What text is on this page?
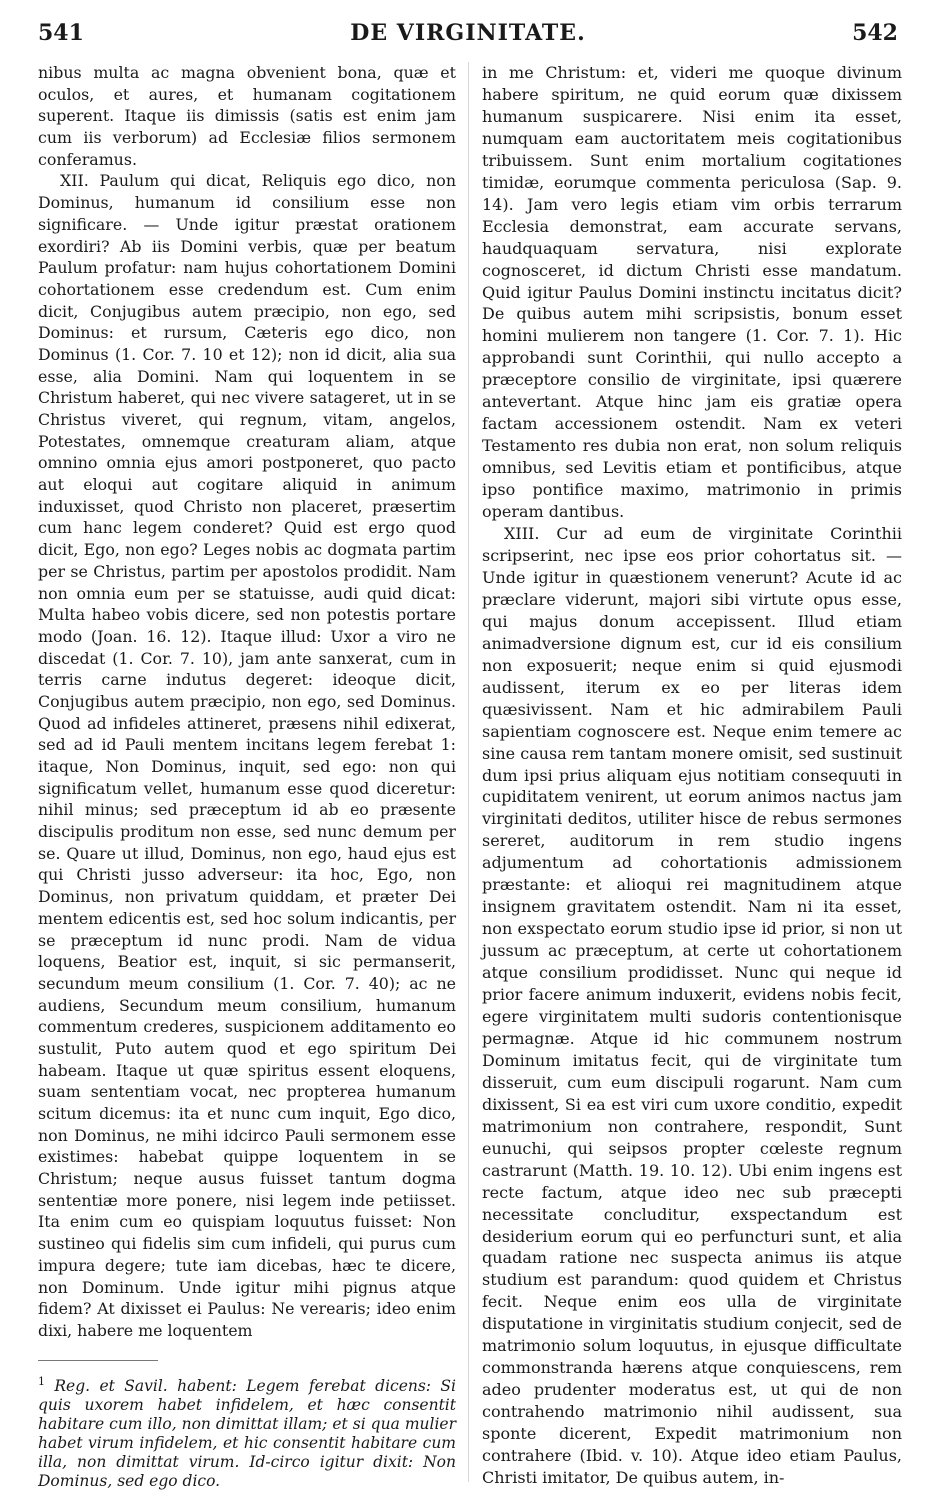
541	DE VIRGINITATE.	542

nibus multa ac magna obvenient bona, quæ et oculos, et aures, et humanam cogitationem superent. Itaque iis dimissis (satis est enim jam cum iis verborum) ad Ecclesiæ filios sermonem conferamus.

XII. Paulum qui dicat, Reliquis ego dico, non Dominus, humanum id consilium esse non significare. — Unde igitur præstat orationem exordiri? Ab iis Domini verbis, quæ per beatum Paulum profatur: nam hujus cohortationem Domini cohortationem esse credendum est. Cum enim dicit, Conjugibus autem præcipio, non ego, sed Dominus: et rursum, Cæteris ego dico, non Dominus (1. Cor. 7. 10 et 12); non id dicit, alia sua esse, alia Domini. Nam qui loquentem in se Christum haberet, qui nec vivere satageret, ut in se Christus viveret, qui regnum, vitam, angelos, Potestates, omnemque creaturam aliam, atque omnino omnia ejus amori postponeret, quo pacto aut eloqui aut cogitare aliquid in animum induxisset, quod Christo non placeret, præsertim cum hanc legem conderet? Quid est ergo quod dicit, Ego, non ego? Leges nobis ac dogmata partim per se Christus, partim per apostolos prodidit. Nam non omnia eum per se statuisse, audi quid dicat: Multa habeo vobis dicere, sed non potestis portare modo (Joan. 16. 12). Itaque illud: Uxor a viro ne discedat (1. Cor. 7. 10), jam ante sanxerat, cum in terris carne indutus degeret: ideoque dicit, Conjugibus autem præcipio, non ego, sed Dominus. Quod ad infideles attineret, præsens nihil edixerat, sed ad id Pauli mentem incitans legem ferebat 1: itaque, Non Dominus, inquit, sed ego: non qui significatum vellet, humanum esse quod diceretur: nihil minus; sed præceptum id ab eo præsente discipulis proditum non esse, sed nunc demum per se. Quare ut illud, Dominus, non ego, haud ejus est qui Christi jusso adverseur: ita hoc, Ego, non Dominus, non privatum quiddam, et præter Dei mentem edicentis est, sed hoc solum indicantis, per se præceptum id nunc prodi. Nam de vidua loquens, Beatior est, inquit, si sic permanserit, secundum meum consilium (1. Cor. 7. 40); ac ne audiens, Secundum meum consilium, humanum commentum crederes, suspicionem additamento eo sustulit, Puto autem quod et ego spiritum Dei habeam. Itaque ut quæ spiritus essent eloquens, suam sententiam vocat, nec propterea humanum scitum dicemus: ita et nunc cum inquit, Ego dico, non Dominus, ne mihi idcirco Pauli sermonem esse existimes: habebat quippe loquentem in se Christum; neque ausus fuisset tantum dogma sententiæ more ponere, nisi legem inde petiisset. Ita enim cum eo quispiam loquutus fuisset: Non sustineo qui fidelis sim cum infideli, qui purus cum impura degere; tute iam dicebas, hæc te dicere, non Dominum. Unde igitur mihi pignus atque fidem? At dixisset ei Paulus: Ne verearis; ideo enim dixi, habere me loquentem

in me Christum: et, videri me quoque divinum habere spiritum, ne quid eorum quæ dixissem humanum suspicarere. Nisi enim ita esset, numquam eam auctoritatem meis cogitationibus tribuissem. Sunt enim mortalium cogitationes timidæ, eorumque commenta periculosa (Sap. 9. 14). Jam vero legis etiam vim orbis terrarum Ecclesia demonstrat, eam accurate servans, haudquaquam servatura, nisi explorate cognosceret, id dictum Christi esse mandatum. Quid igitur Paulus Domini instinctu incitatus dicit? De quibus autem mihi scripsistis, bonum esset homini mulierem non tangere (1. Cor. 7. 1). Hic approbandi sunt Corinthii, qui nullo accepto a præceptore consilio de virginitate, ipsi quærere antevertant. Atque hinc jam eis gratiæ opera factam accessionem ostendit. Nam ex veteri Testamento res dubia non erat, non solum reliquis omnibus, sed Levitis etiam et pontificibus, atque ipso pontifice maximo, matrimonio in primis operam dantibus.

XIII. Cur ad eum de virginitate Corinthii scripserint, nec ipse eos prior cohortatus sit. — Unde igitur in quæstionem venerunt? Acute id ac præclare viderunt, majori sibi virtute opus esse, qui majus donum accepissent. Illud etiam animadversione dignum est, cur id eis consilium non exposuerit; neque enim si quid ejusmodi audissent, iterum ex eo per literas idem quæsivissent. Nam et hic admirabilem Pauli sapientiam cognoscere est. Neque enim temere ac sine causa rem tantam monere omisit, sed sustinuit dum ipsi prius aliquam ejus notitiam consequuti in cupiditatem venirent, ut eorum animos nactus jam virginitati deditos, utiliter hisce de rebus sermones sereret, auditorum in rem studio ingens adjumentum ad cohortationis admissionem præstante: et alioqui rei magnitudinem atque insignem gravitatem ostendit. Nam ni ita esset, non exspectato eorum studio ipse id prior, si non ut jussum ac præceptum, at certe ut cohortationem atque consilium prodidisset. Nunc qui neque id prior facere animum induxerit, evidens nobis fecit, egere virginitatem multi sudoris contentionisque permagnæ. Atque id hic communem nostrum Dominum imitatus fecit, qui de virginitate tum disseruit, cum eum discipuli rogarunt. Nam cum dixissent, Si ea est viri cum uxore conditio, expedit matrimonium non contrahere, respondit, Sunt eunuchi, qui seipsos propter cœleste regnum castrarunt (Matth. 19. 10. 12). Ubi enim ingens est recte factum, atque ideo nec sub præcepti necessitate concluditur, exspectandum est desiderium eorum qui eo perfuncturi sunt, et alia quadam ratione nec suspecta animus iis atque studium est parandum: quod quidem et Christus fecit. Neque enim eos ulla de virginitate disputatione in virginitatis studium conjecit, sed de matrimonio solum loquutus, in ejusque difficultate commonstranda hærens atque conquiescens, rem adeo prudenter moderatus est, ut qui de non contrahendo matrimonio nihil audissent, sua sponte dicerent, Expedit matrimonium non contrahere (Ibid. v. 10). Atque ideo etiam Paulus, Christi imitator, De quibus autem, in-

$^1$ Reg. et Savil. habent: Legem ferebat dicens: Si quis uxorem habet infidelem, et hæc consentit habitare cum illo, non dimittat illam; et si qua mulier habet virum infidelem, et hic consentit habitare cum illa, non dimittat virum. Id-circo igitur dixit: Non Dominus, sed ego dico.
